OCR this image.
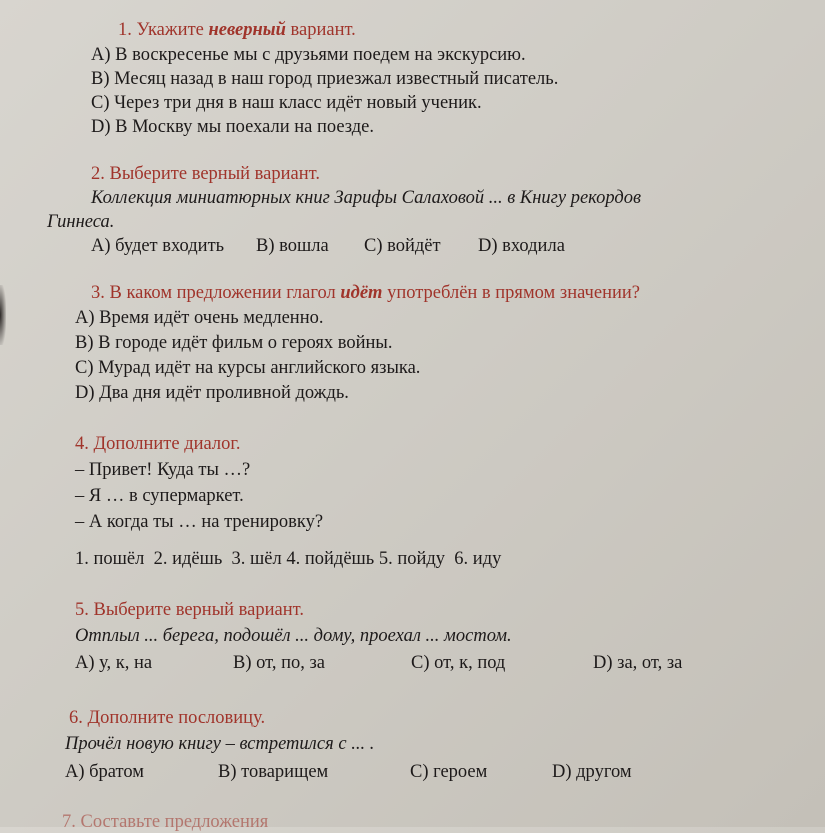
1. Укажите неверный вариант.
A) В воскресенье мы с друзьями поедем на экскурсию.
B) Месяц назад в наш город приезжал известный писатель.
C) Через три дня в наш класс идёт новый ученик.
D) В Москву мы поехали на поезде.
2. Выберите верный вариант.
Коллекция миниатюрных книг Зарифы Салаховой ... в Книгу рекордов
Гиннеса.
A) будет входить B) вошла C) войдёт D) входила
3. В каком предложении глагол идёт употреблён в прямом значении?
A) Время идёт очень медленно.
B) В городе идёт фильм о героях войны.
C) Мурад идёт на курсы английского языка.
D) Два дня идёт проливной дождь.
4. Дополните диалог.
– Привет! Куда ты …?
– Я … в супермаркет.
– А когда ты … на тренировку?
1. пошёл  2. идёшь  3. шёл 4. пойдёшь 5. пойду  6. иду
5. Выберите верный вариант.
Отплыл ... берега, подошёл ... дому, проехал ... мостом.
A) у, к, на	B) от, по, за	C) от, к, под	D) за, от, за
6. Дополните пословицу.
Прочёл новую книгу – встретился с ... .
A) братом	B) товарищем	C) героем	D) другом
7. Составьте предложения
